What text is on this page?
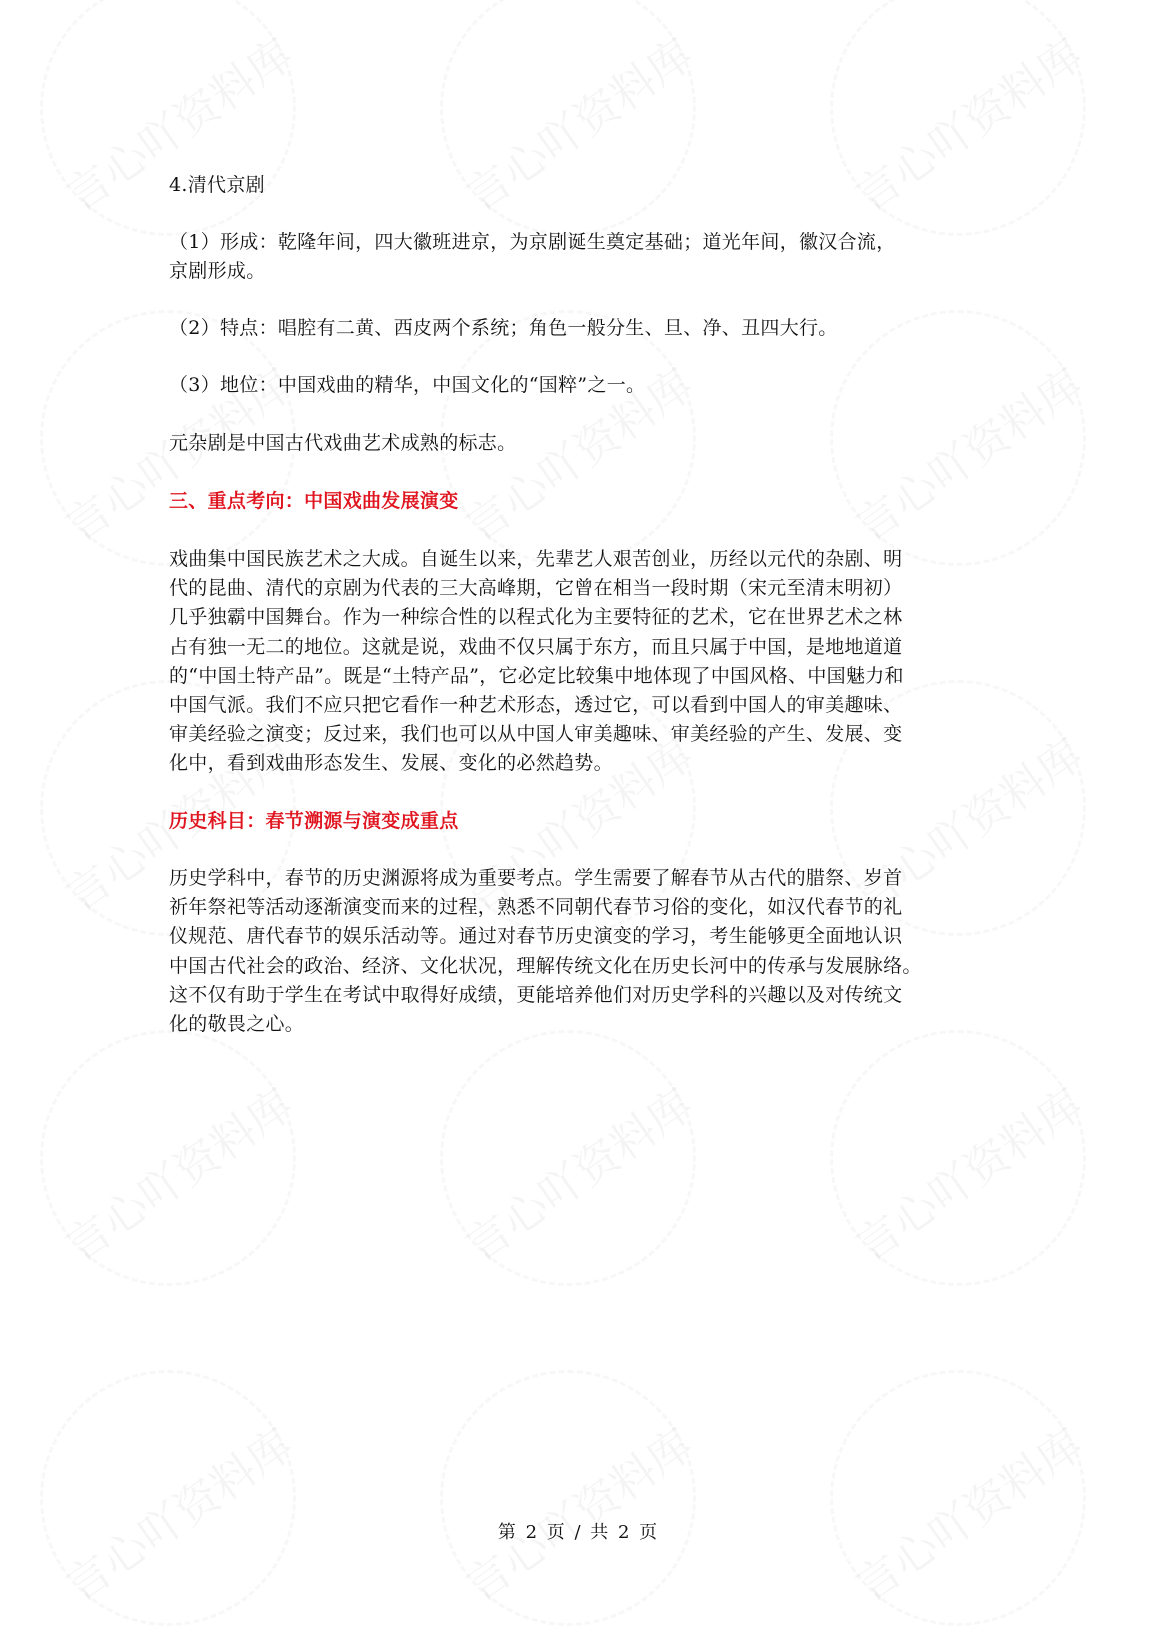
4.清代京剧
（1）形成：乾隆年间，四大徽班进京，为京剧诞生奠定基础；道光年间，徽汉合流，
京剧形成。
（2）特点：唱腔有二黄、西皮两个系统；角色一般分生、旦、净、丑四大行。
（3）地位：中国戏曲的精华，中国文化的“国粹”之一。
元杂剧是中国古代戏曲艺术成熟的标志。
三、重点考向：中国戏曲发展演变
戏曲集中国民族艺术之大成。自诞生以来，先辈艺人艰苦创业，历经以元代的杂剧、明
代的昆曲、清代的京剧为代表的三大高峰期，它曾在相当一段时期（宋元至清末明初）
几乎独霸中国舞台。作为一种综合性的以程式化为主要特征的艺术，它在世界艺术之林
占有独一无二的地位。这就是说，戏曲不仅只属于东方，而且只属于中国，是地地道道
的“中国土特产品”。既是“土特产品”，它必定比较集中地体现了中国风格、中国魅力和
中国气派。我们不应只把它看作一种艺术形态，透过它，可以看到中国人的审美趣味、
审美经验之演变；反过来，我们也可以从中国人审美趣味、审美经验的产生、发展、变
化中，看到戏曲形态发生、发展、变化的必然趋势。
历史科目：春节溯源与演变成重点
历史学科中，春节的历史渊源将成为重要考点。学生需要了解春节从古代的腊祭、岁首
祈年祭祀等活动逐渐演变而来的过程，熟悉不同朝代春节习俗的变化，如汉代春节的礼
仪规范、唐代春节的娱乐活动等。通过对春节历史演变的学习，考生能够更全面地认识
中国古代社会的政治、经济、文化状况，理解传统文化在历史长河中的传承与发展脉络。
这不仅有助于学生在考试中取得好成绩，更能培养他们对历史学科的兴趣以及对传统文
化的敬畏之心。
第 2 页 / 共 2 页
